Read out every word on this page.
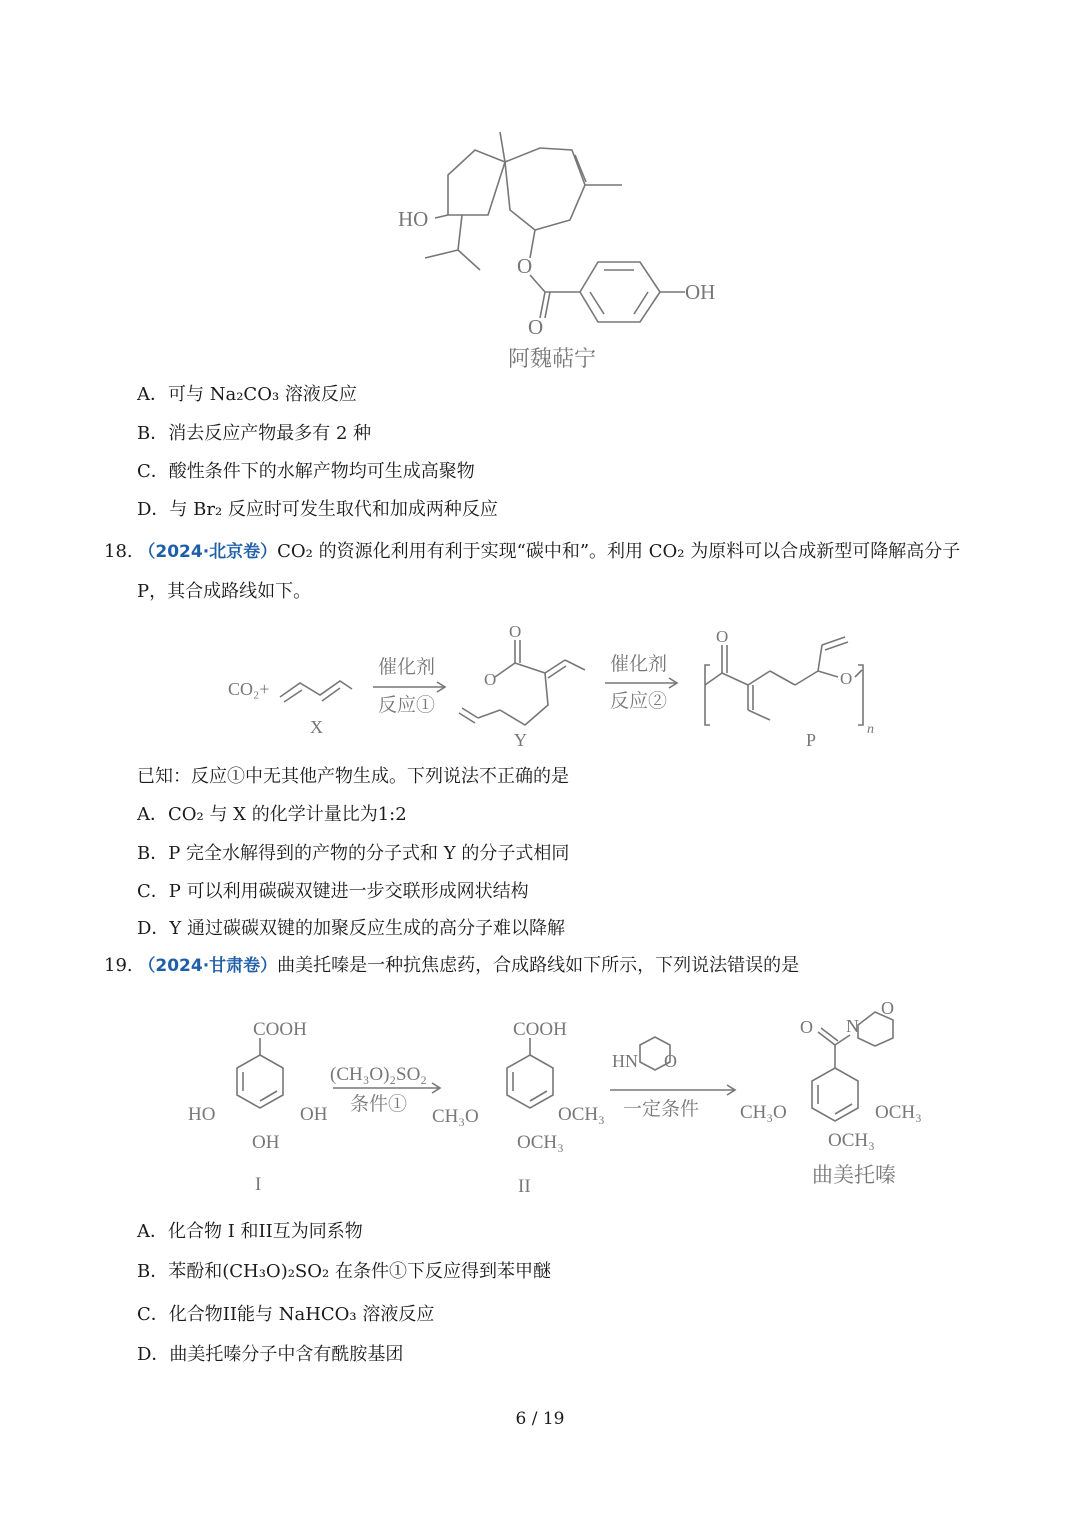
HO
O
O
OH
阿魏萜宁
A．可与 Na₂CO₃ 溶液反应
B．消去反应产物最多有 2 种
C．酸性条件下的水解产物均可生成高聚物
D．与 Br₂ 反应时可发生取代和加成两种反应
18. （2024·北京卷）CO₂ 的资源化利用有利于实现“碳中和”。利用 CO₂ 为原料可以合成新型可降解高分子
P，其合成路线如下。
CO₂+
X
催化剂
反应①
O
O
Y
催化剂
反应②
O
O
n
P
已知：反应①中无其他产物生成。下列说法不正确的是
A．CO₂ 与 X 的化学计量比为1:2
B．P 完全水解得到的产物的分子式和 Y 的分子式相同
C．P 可以利用碳碳双键进一步交联形成网状结构
D．Y 通过碳碳双键的加聚反应生成的高分子难以降解
19. （2024·甘肃卷）曲美托嗪是一种抗焦虑药，合成路线如下所示，下列说法错误的是
COOH
HO	OH
OH
I
(CH₃O)₂SO₂
条件①
COOH
CH₃O	OCH₃
OCH₃
II
HN O
一定条件
O N
O
CH₃O	OCH₃
OCH₃
曲美托嗪
A．化合物 I 和II互为同系物
B．苯酚和(CH₃O)₂SO₂ 在条件①下反应得到苯甲醚
C．化合物II能与 NaHCO₃ 溶液反应
D．曲美托嗪分子中含有酰胺基团
6 / 19
